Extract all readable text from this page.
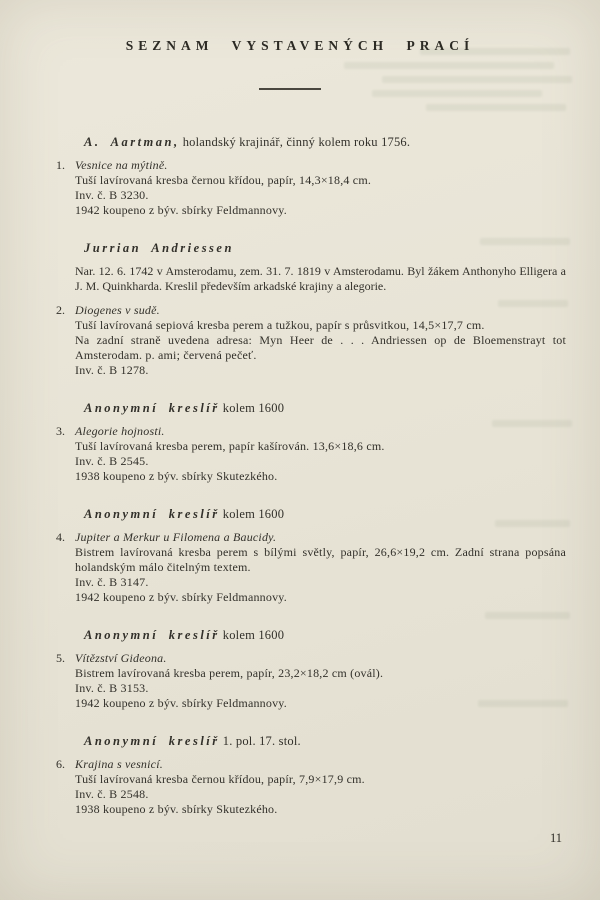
SEZNAM VYSTAVENÝCH PRACÍ
A. Aartman, holandský krajinář, činný kolem roku 1756.
1. Vesnice na mýtině.
Tuší lavírovaná kresba černou křídou, papír, 14,3×18,4 cm.
Inv. č. B 3230.
1942 koupeno z býv. sbírky Feldmannovy.
Jurrian Andriessen
Nar. 12. 6. 1742 v Amsterodamu, zem. 31. 7. 1819 v Amsterodamu. Byl žákem Anthonyho Elligera a J. M. Quinkharda. Kreslil především arkadské krajiny a alegorie.
2. Diogenes v sudě.
Tuší lavírovaná sepiová kresba perem a tužkou, papír s průsvitkou, 14,5×17,7 cm.
Na zadní straně uvedena adresa: Myn Heer de . . . Andriessen op de Bloemenstrayt tot Amsterodam. p. ami; červená pečeť.
Inv. č. B 1278.
Anonymní kreslíř kolem 1600
3. Alegorie hojnosti.
Tuší lavírovaná kresba perem, papír kašírován. 13,6×18,6 cm.
Inv. č. B 2545.
1938 koupeno z býv. sbírky Skutezkého.
Anonymní kreslíř kolem 1600
4. Jupiter a Merkur u Filomena a Baucidy.
Bistrem lavírovaná kresba perem s bílými světly, papír, 26,6×19,2 cm. Zadní strana popsána holandským málo čitelným textem.
Inv. č. B 3147.
1942 koupeno z býv. sbírky Feldmannovy.
Anonymní kreslíř kolem 1600
5. Vítězství Gideona.
Bistrem lavírovaná kresba perem, papír, 23,2×18,2 cm (ovál).
Inv. č. B 3153.
1942 koupeno z býv. sbírky Feldmannovy.
Anonymní kreslíř 1. pol. 17. stol.
6. Krajina s vesnicí.
Tuší lavírovaná kresba černou křídou, papír, 7,9×17,9 cm.
Inv. č. B 2548.
1938 koupeno z býv. sbírky Skutezkého.
11
